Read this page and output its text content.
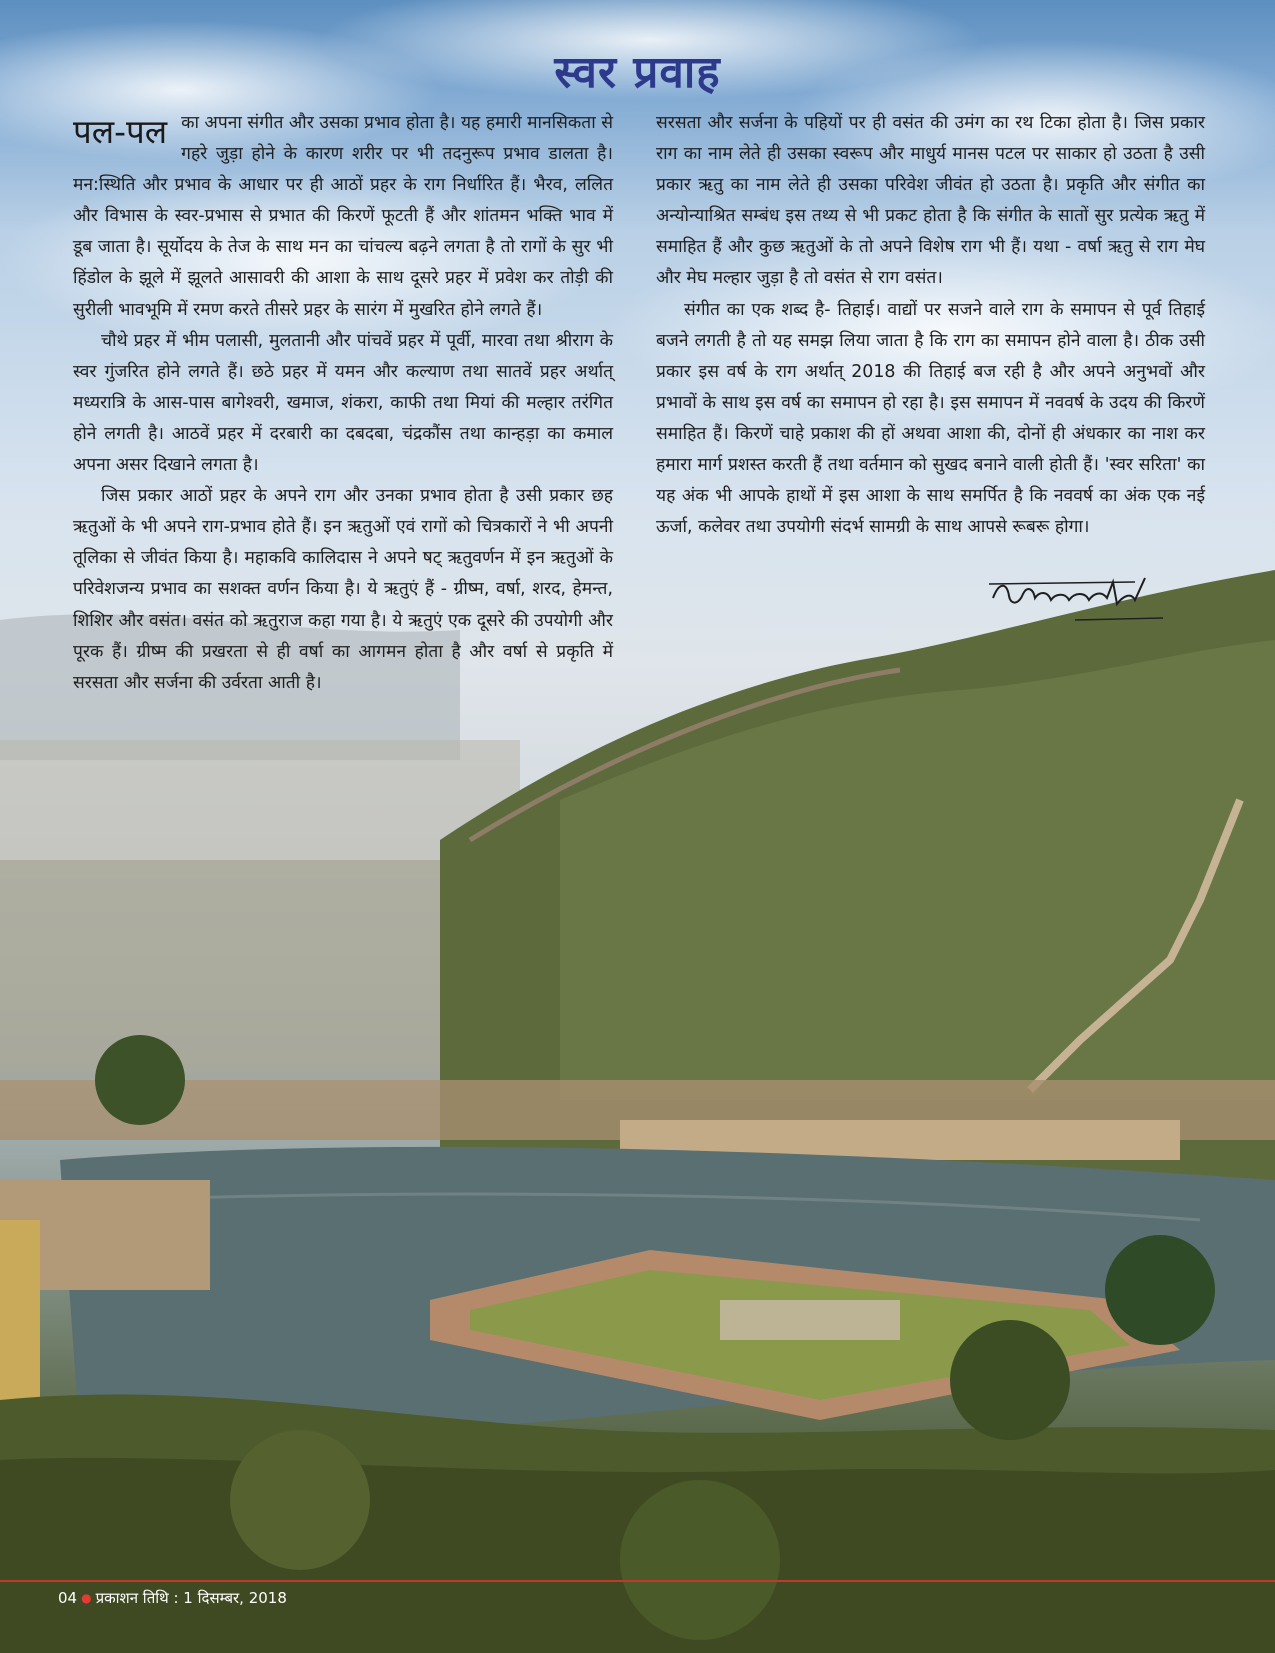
स्वर प्रवाह

पल-पल का अपना संगीत और उसका प्रभाव होता है। यह हमारी मानसिकता से गहरे जुड़ा होने के कारण शरीर पर भी तदनुरूप प्रभाव डालता है। मन:स्थिति और प्रभाव के आधार पर ही आठों प्रहर के राग निर्धारित हैं। भैरव, ललित और विभास के स्वर-प्रभास से प्रभात की किरणें फूटती हैं और शांतमन भक्ति भाव में डूब जाता है। सूर्योदय के तेज के साथ मन का चांचल्य बढ़ने लगता है तो रागों के सुर भी हिंडोल के झूले में झूलते आसावरी की आशा के साथ दूसरे प्रहर में प्रवेश कर तोड़ी की सुरीली भावभूमि में रमण करते तीसरे प्रहर के सारंग में मुखरित होने लगते हैं।

चौथे प्रहर में भीम पलासी, मुलतानी और पांचवें प्रहर में पूर्वी, मारवा तथा श्रीराग के स्वर गुंजरित होने लगते हैं। छठे प्रहर में यमन और कल्याण तथा सातवें प्रहर अर्थात् मध्यरात्रि के आस-पास बागेश्वरी, खमाज, शंकरा, काफी तथा मियां की मल्हार तरंगित होने लगती है। आठवें प्रहर में दरबारी का दबदबा, चंद्रकौंस तथा कान्हड़ा का कमाल अपना असर दिखाने लगता है।

जिस प्रकार आठों प्रहर के अपने राग और उनका प्रभाव होता है उसी प्रकार छह ऋतुओं के भी अपने राग-प्रभाव होते हैं। इन ऋतुओं एवं रागों को चित्रकारों ने भी अपनी तूलिका से जीवंत किया है। महाकवि कालिदास ने अपने षट् ऋतुवर्णन में इन ऋतुओं के परिवेशजन्य प्रभाव का सशक्त वर्णन किया है। ये ऋतुएं हैं - ग्रीष्म, वर्षा, शरद, हेमन्त, शिशिर और वसंत। वसंत को ऋतुराज कहा गया है। ये ऋतुएं एक दूसरे की उपयोगी और पूरक हैं। ग्रीष्म की प्रखरता से ही वर्षा का आगमन होता है और वर्षा से प्रकृति में सरसता और सर्जना की उर्वरता आती है।

सरसता और सर्जना के पहियों पर ही वसंत की उमंग का रथ टिका होता है। जिस प्रकार राग का नाम लेते ही उसका स्वरूप और माधुर्य मानस पटल पर साकार हो उठता है उसी प्रकार ऋतु का नाम लेते ही उसका परिवेश जीवंत हो उठता है। प्रकृति और संगीत का अन्योन्याश्रित सम्बंध इस तथ्य से भी प्रकट होता है कि संगीत के सातों सुर प्रत्येक ऋतु में समाहित हैं और कुछ ऋतुओं के तो अपने विशेष राग भी हैं। यथा - वर्षा ऋतु से राग मेघ और मेघ मल्हार जुड़ा है तो वसंत से राग वसंत।

संगीत का एक शब्द है- तिहाई। वाद्यों पर सजने वाले राग के समापन से पूर्व तिहाई बजने लगती है तो यह समझ लिया जाता है कि राग का समापन होने वाला है। ठीक उसी प्रकार इस वर्ष के राग अर्थात् 2018 की तिहाई बज रही है और अपने अनुभवों और प्रभावों के साथ इस वर्ष का समापन हो रहा है। इस समापन में नववर्ष के उदय की किरणें समाहित हैं। किरणें चाहे प्रकाश की हों अथवा आशा की, दोनों ही अंधकार का नाश कर हमारा मार्ग प्रशस्त करती हैं तथा वर्तमान को सुखद बनाने वाली होती हैं। 'स्वर सरिता' का यह अंक भी आपके हाथों में इस आशा के साथ समर्पित है कि नववर्ष का अंक एक नई ऊर्जा, कलेवर तथा उपयोगी संदर्भ सामग्री के साथ आपसे रूबरू होगा।

04 ● प्रकाशन तिथि : 1 दिसम्बर, 2018
